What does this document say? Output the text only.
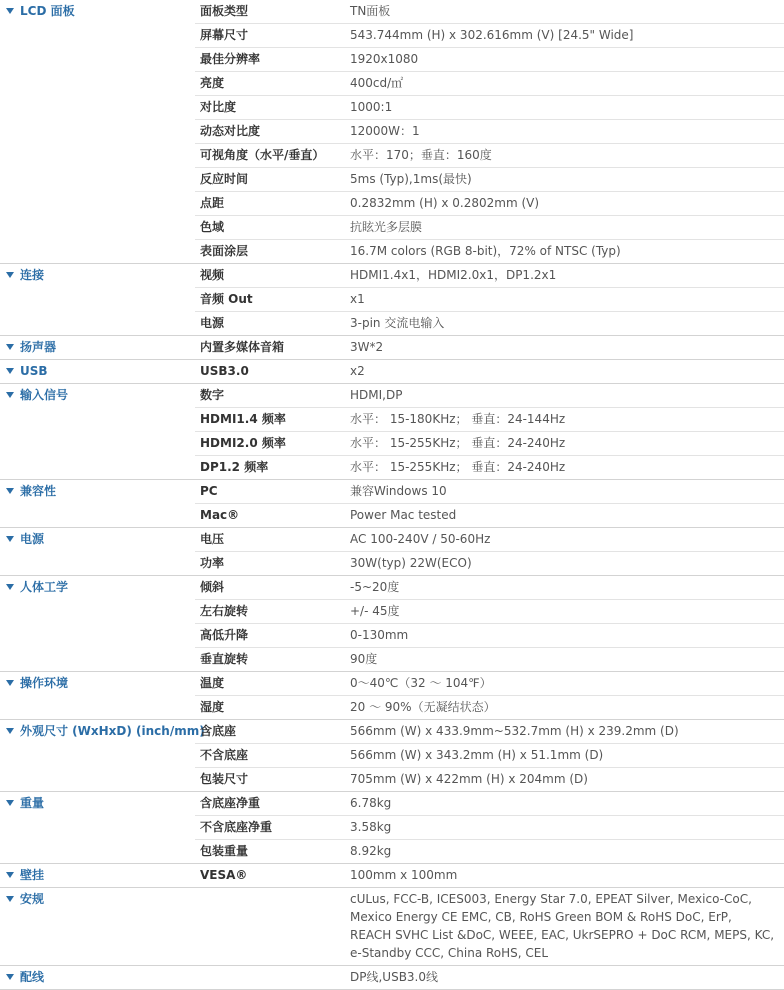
LCD 面板	面板类型	TN面板
	屏幕尺寸	543.744mm (H) x 302.616mm (V) [24.5" Wide]
	最佳分辨率	1920x1080
	亮度	400cd/㎡
	对比度	1000:1
	动态对比度	12000W：1
	可视角度（水平/垂直）	水平：170；垂直：160度
	反应时间	5ms (Typ),1ms(最快)
	点距	0.2832mm (H) x 0.2802mm (V)
	色域	抗眩光多层膜
	表面涂层	16.7M colors (RGB 8-bit)，72% of NTSC (Typ)
连接	视频	HDMI1.4x1，HDMI2.0x1，DP1.2x1
	音频 Out	x1
	电源	3-pin 交流电输入
扬声器	内置多媒体音箱	3W*2
USB	USB3.0	x2
输入信号	数字	HDMI,DP
	HDMI1.4 频率	水平： 15-180KHz； 垂直：24-144Hz
	HDMI2.0 频率	水平： 15-255KHz； 垂直：24-240Hz
	DP1.2 频率	水平： 15-255KHz； 垂直：24-240Hz
兼容性	PC	兼容Windows 10
	Mac®	Power Mac tested
电源	电压	AC 100-240V / 50-60Hz
	功率	30W(typ) 22W(ECO)
人体工学	倾斜	-5~20度
	左右旋转	+/- 45度
	高低升降	0-130mm
	垂直旋转	90度
操作环境	温度	0～40℃（32 ～ 104℉）
	湿度	20 ～ 90%（无凝结状态）
外观尺寸 (WxHxD) (inch/mm)	含底座	566mm (W) x 433.9mm~532.7mm (H) x 239.2mm (D)
	不含底座	566mm (W) x 343.2mm (H) x 51.1mm (D)
	包装尺寸	705mm (W) x 422mm (H) x 204mm (D)
重量	含底座净重	6.78kg
	不含底座净重	3.58kg
	包装重量	8.92kg
壁挂	VESA®	100mm x 100mm
安规		cULus, FCC-B, ICES003, Energy Star 7.0, EPEAT Silver, Mexico-CoC, Mexico Energy CE EMC, CB, RoHS Green BOM & RoHS DoC, ErP, REACH SVHC List &DoC, WEEE, EAC, UkrSEPRO + DoC RCM, MEPS, KC, e-Standby CCC, China RoHS, CEL
配线		DP线,USB3.0线
